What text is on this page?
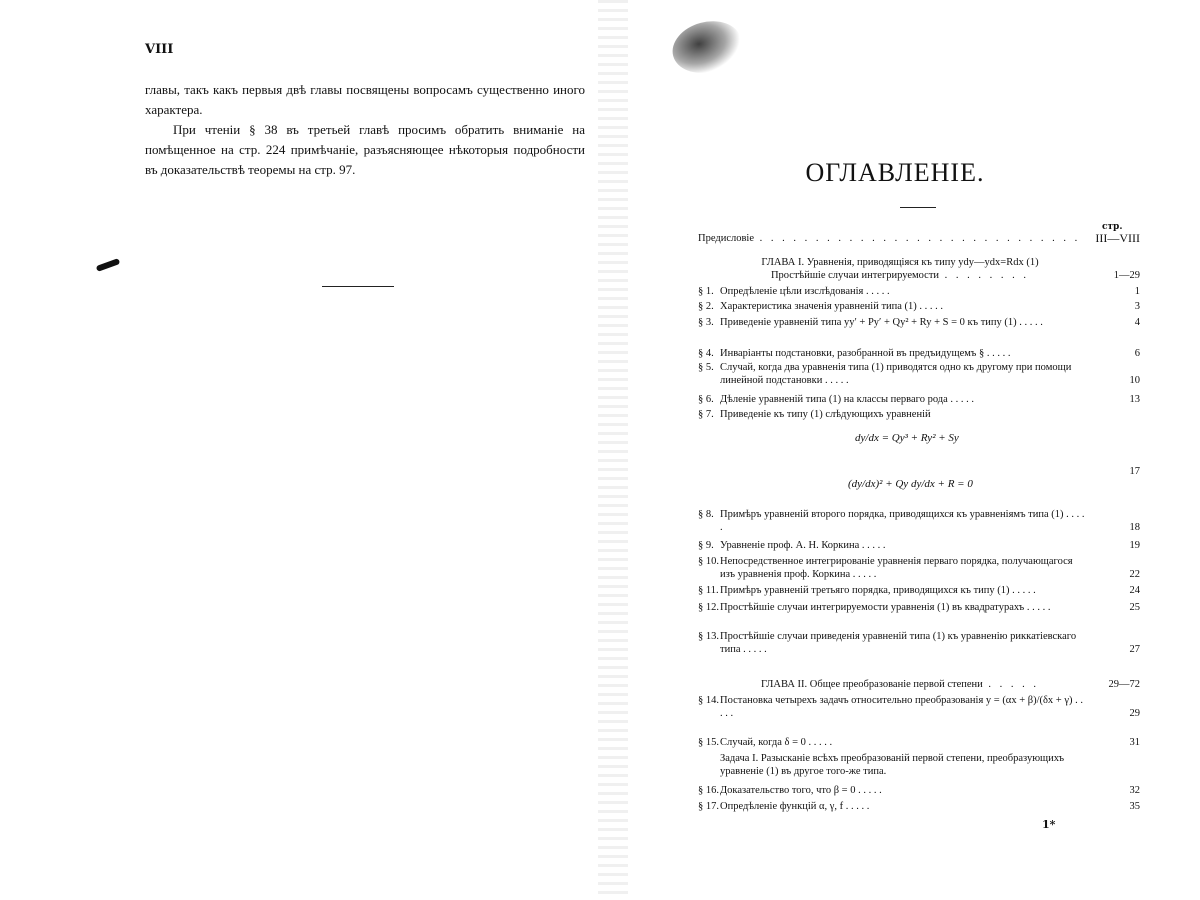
VIII

главы, такъ какъ первыя двѣ главы посвящены вопросамъ существенно иного характера.

При чтеніи § 38 въ третьей главѣ просимъ обратить вниманіе на помѣщенное на стр. 224 примѣчаніе, разъясняющее нѣкоторыя подробности въ доказательствѣ теоремы на стр. 97.	ОГЛАВЛЕНІЕ.
стр.
Предисловіе . . . . . . . . . . . . . . . . . . . . . . . . . . . . .	III—VIII
ГЛАВА I. Уравненія, приводящіяся къ типу ydy—ydx=Rdx (1)
Простѣйшіе случаи интегрируемости . . . . . . . .	1—29
§ 1. Опредѣленіе цѣли изслѣдованія . . . . .	1
§ 2. Характеристика значенія уравненій типа (1) . . . . .	3
§ 3. Приведеніе уравненій типа yy′ + Py′ + Qy² + Ry + S = 0 къ типу (1) . . . . .	4
§ 4. Инваріанты подстановки, разобранной въ предъидущемъ § . . . . .	6
§ 5. Случай, когда два уравненія типа (1) приводятся одно къ другому при помощи линейной подстановки . . . . .	10
§ 6. Дѣленіе уравненій типа (1) на классы перваго рода . . . . .	13
§ 7. Приведеніе къ типу (1) слѣдующихъ уравненій
dy/dx = Qy³ + Ry² + Sy
(dy/dx)² + Qy dy/dx + R = 0
17
§ 8. Примѣръ уравненій второго порядка, приводящихся къ уравненіямъ типа (1) . . . . .	18
§ 9. Уравненіе проф. А. Н. Коркина . . . . .	19
§ 10. Непосредственное интегрированіе уравненія перваго порядка, получающагося изъ уравненія проф. Коркина . . . . .	22
§ 11. Примѣръ уравненій третьяго порядка, приводящихся къ типу (1) . . . . .	24
§ 12. Простѣйшіе случаи интегрируемости уравненія (1) въ квадратурахъ . . . . .	25
§ 13. Простѣйшіе случаи приведенія уравненій типа (1) къ уравненію риккатіевскаго типа . . . . .	27
ГЛАВА II. Общее преобразованіе первой степени . . . . .	29—72
§ 14. Постановка четырехъ задачъ относительно преобразованія y = (αx + β)/(δx + γ) . . . . .	29
§ 15. Случай, когда δ = 0 . . . . .	31
Задача I. Разысканіе всѣхъ преобразованій первой степени, преобразующихъ уравненіе (1) въ другое того-же типа.
§ 16. Доказательство того, что β = 0 . . . . .	32
§ 17. Опредѣленіе функцій α, γ, f . . . . .	35
1*
